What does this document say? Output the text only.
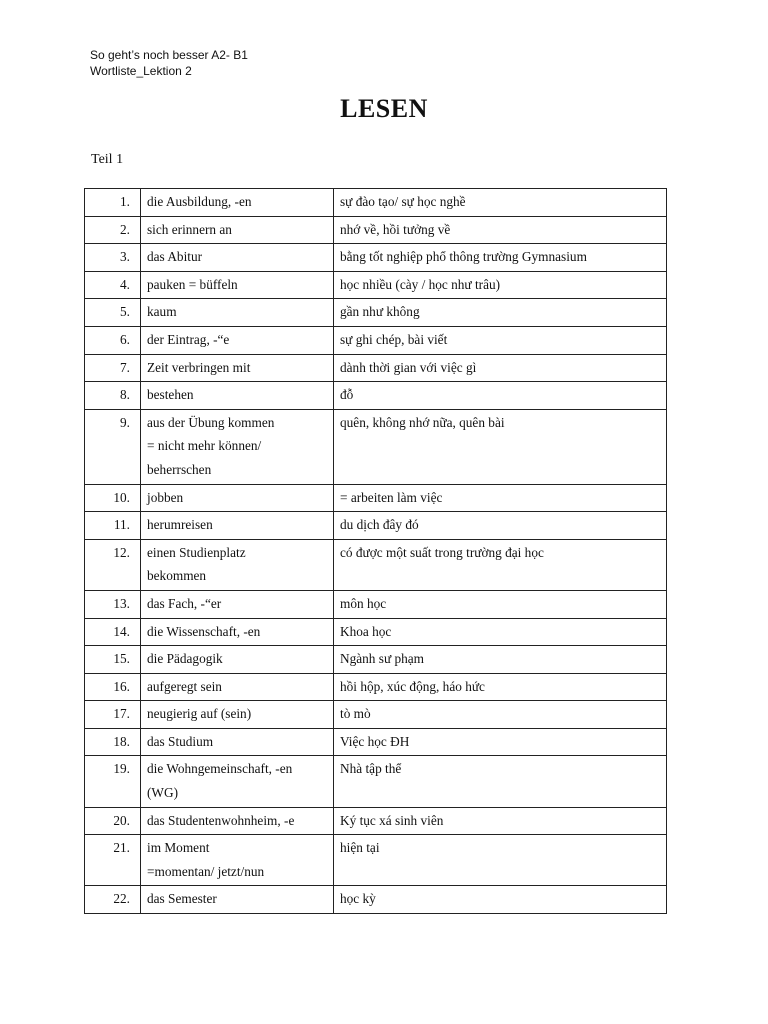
So geht’s noch besser A2- B1
Wortliste_Lektion 2
LESEN
Teil 1
1.	die Ausbildung, -en	sự đào tạo/ sự học nghề

2.	sich erinnern an	nhớ về, hồi tưởng về

3.	das Abitur	bằng tốt nghiệp phổ thông trường Gymnasium

4.	pauken = büffeln	học nhiều (cày / học như trâu)

5.	kaum	gần như không

6.	der Eintrag, -“e	sự ghi chép, bài viết

7.	Zeit verbringen mit	dành thời gian với việc gì

8.	bestehen	đỗ

9.	aus der Übung kommen
= nicht mehr können/
beherrschen	quên, không nhớ nữa, quên bài

10.	jobben	= arbeiten làm việc

11.	herumreisen	du dịch đây đó

12.	einen Studienplatz
bekommen	có được một suất trong trường đại học

13.	das Fach, -“er	môn học

14.	die Wissenschaft, -en	Khoa học

15.	die Pädagogik	Ngành sư phạm

16.	aufgeregt sein	hồi hộp, xúc động, háo hức

17.	neugierig auf (sein)	tò mò

18.	das Studium	Việc học ĐH

19.	die Wohngemeinschaft, -en
(WG)	Nhà tập thể

20.	das Studentenwohnheim, -e	Ký tục xá sinh viên

21.	im Moment
=momentan/ jetzt/nun	hiện tại

22.	das Semester	học kỳ
